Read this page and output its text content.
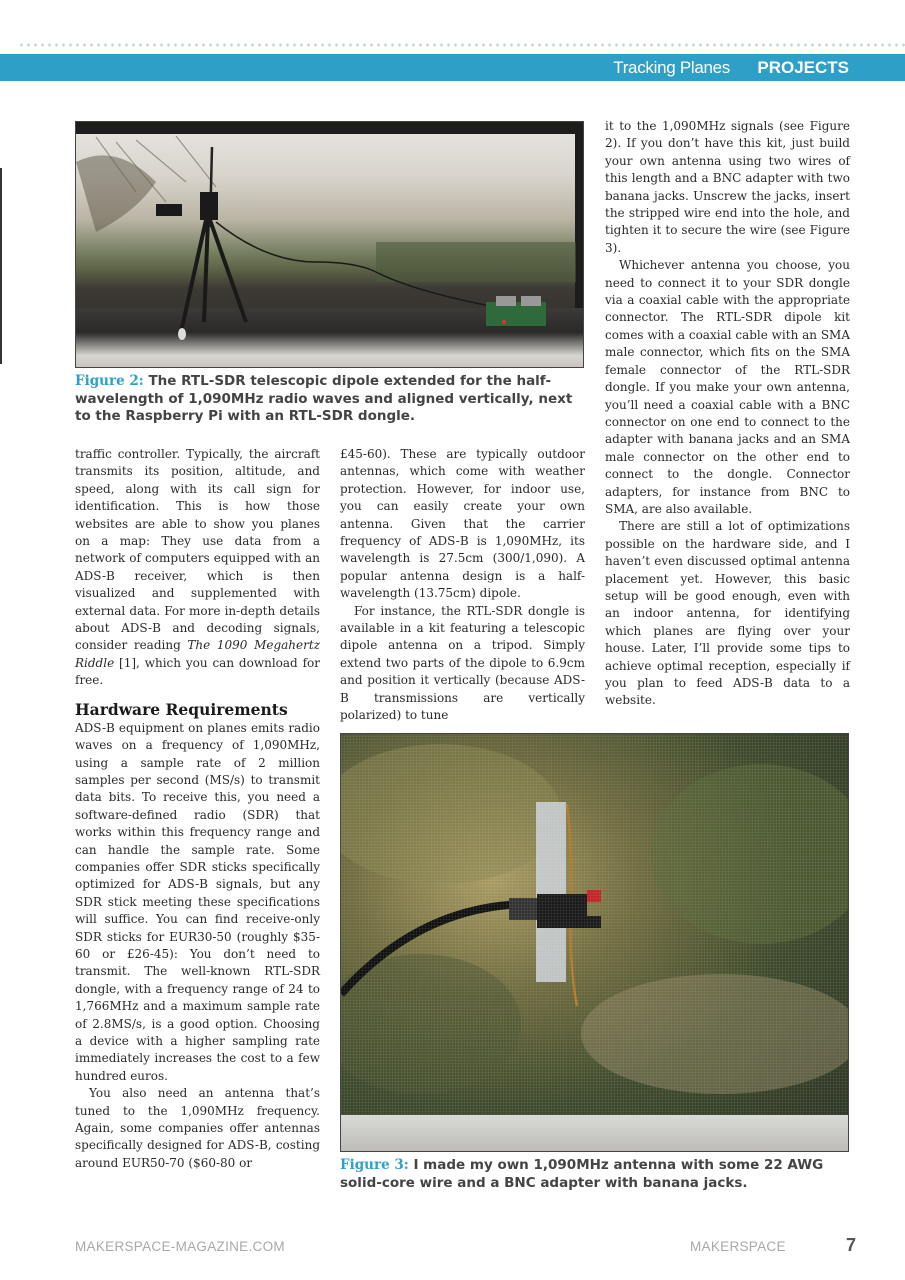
Tracking Planes PROJECTS
Figure 2: The RTL-SDR telescopic dipole extended for the half-wavelength of 1,090MHz radio waves and aligned vertically, next to the Raspberry Pi with an RTL-SDR dongle.

traffic controller. Typically, the aircraft transmits its position, altitude, and speed, along with its call sign for identification. This is how those websites are able to show you planes on a map: They use data from a network of computers equipped with an ADS-B receiver, which is then visualized and supplemented with external data. For more in-depth details about ADS-B and decoding signals, consider reading The 1090 Megahertz Riddle [1], which you can download for free.

Hardware Requirements

ADS-B equipment on planes emits radio waves on a frequency of 1,090MHz, using a sample rate of 2 million samples per second (MS/s) to transmit data bits. To receive this, you need a software-defined radio (SDR) that works within this frequency range and can handle the sample rate. Some companies offer SDR sticks specifically optimized for ADS-B signals, but any SDR stick meeting these specifications will suffice. You can find receive-only SDR sticks for EUR30-50 (roughly $35-60 or £26-45): You don’t need to transmit. The well-known RTL-SDR dongle, with a frequency range of 24 to 1,766MHz and a maximum sample rate of 2.8MS/s, is a good option. Choosing a device with a higher sampling rate immediately increases the cost to a few hundred euros.

You also need an antenna that’s tuned to the 1,090MHz frequency. Again, some companies offer antennas specifically designed for ADS-B, costing around EUR50-70 ($60-80 or

£45-60). These are typically outdoor antennas, which come with weather protection. However, for indoor use, you can easily create your own antenna. Given that the carrier frequency of ADS-B is 1,090MHz, its wavelength is 27.5cm (300/1,090). A popular antenna design is a half-wavelength (13.75cm) dipole.

For instance, the RTL-SDR dongle is available in a kit featuring a telescopic dipole antenna on a tripod. Simply extend two parts of the dipole to 6.9cm and position it vertically (because ADS-B transmissions are vertically polarized) to tune

it to the 1,090MHz signals (see Figure 2). If you don’t have this kit, just build your own antenna using two wires of this length and a BNC adapter with two banana jacks. Unscrew the jacks, insert the stripped wire end into the hole, and tighten it to secure the wire (see Figure 3).

Whichever antenna you choose, you need to connect it to your SDR dongle via a coaxial cable with the appropriate connector. The RTL-SDR dipole kit comes with a coaxial cable with an SMA male connector, which fits on the SMA female connector of the RTL-SDR dongle. If you make your own antenna, you’ll need a coaxial cable with a BNC connector on one end to connect to the adapter with banana jacks and an SMA male connector on the other end to connect to the dongle. Connector adapters, for instance from BNC to SMA, are also available.

There are still a lot of optimizations possible on the hardware side, and I haven’t even discussed optimal antenna placement yet. However, this basic setup will be good enough, even with an indoor antenna, for identifying which planes are flying over your house. Later, I’ll provide some tips to achieve optimal reception, especially if you plan to feed ADS-B data to a website.

Figure 3: I made my own 1,090MHz antenna with some 22 AWG solid-core wire and a BNC adapter with banana jacks.
MAKERSPACE-MAGAZINE.COM	MAKERSPACE	7
